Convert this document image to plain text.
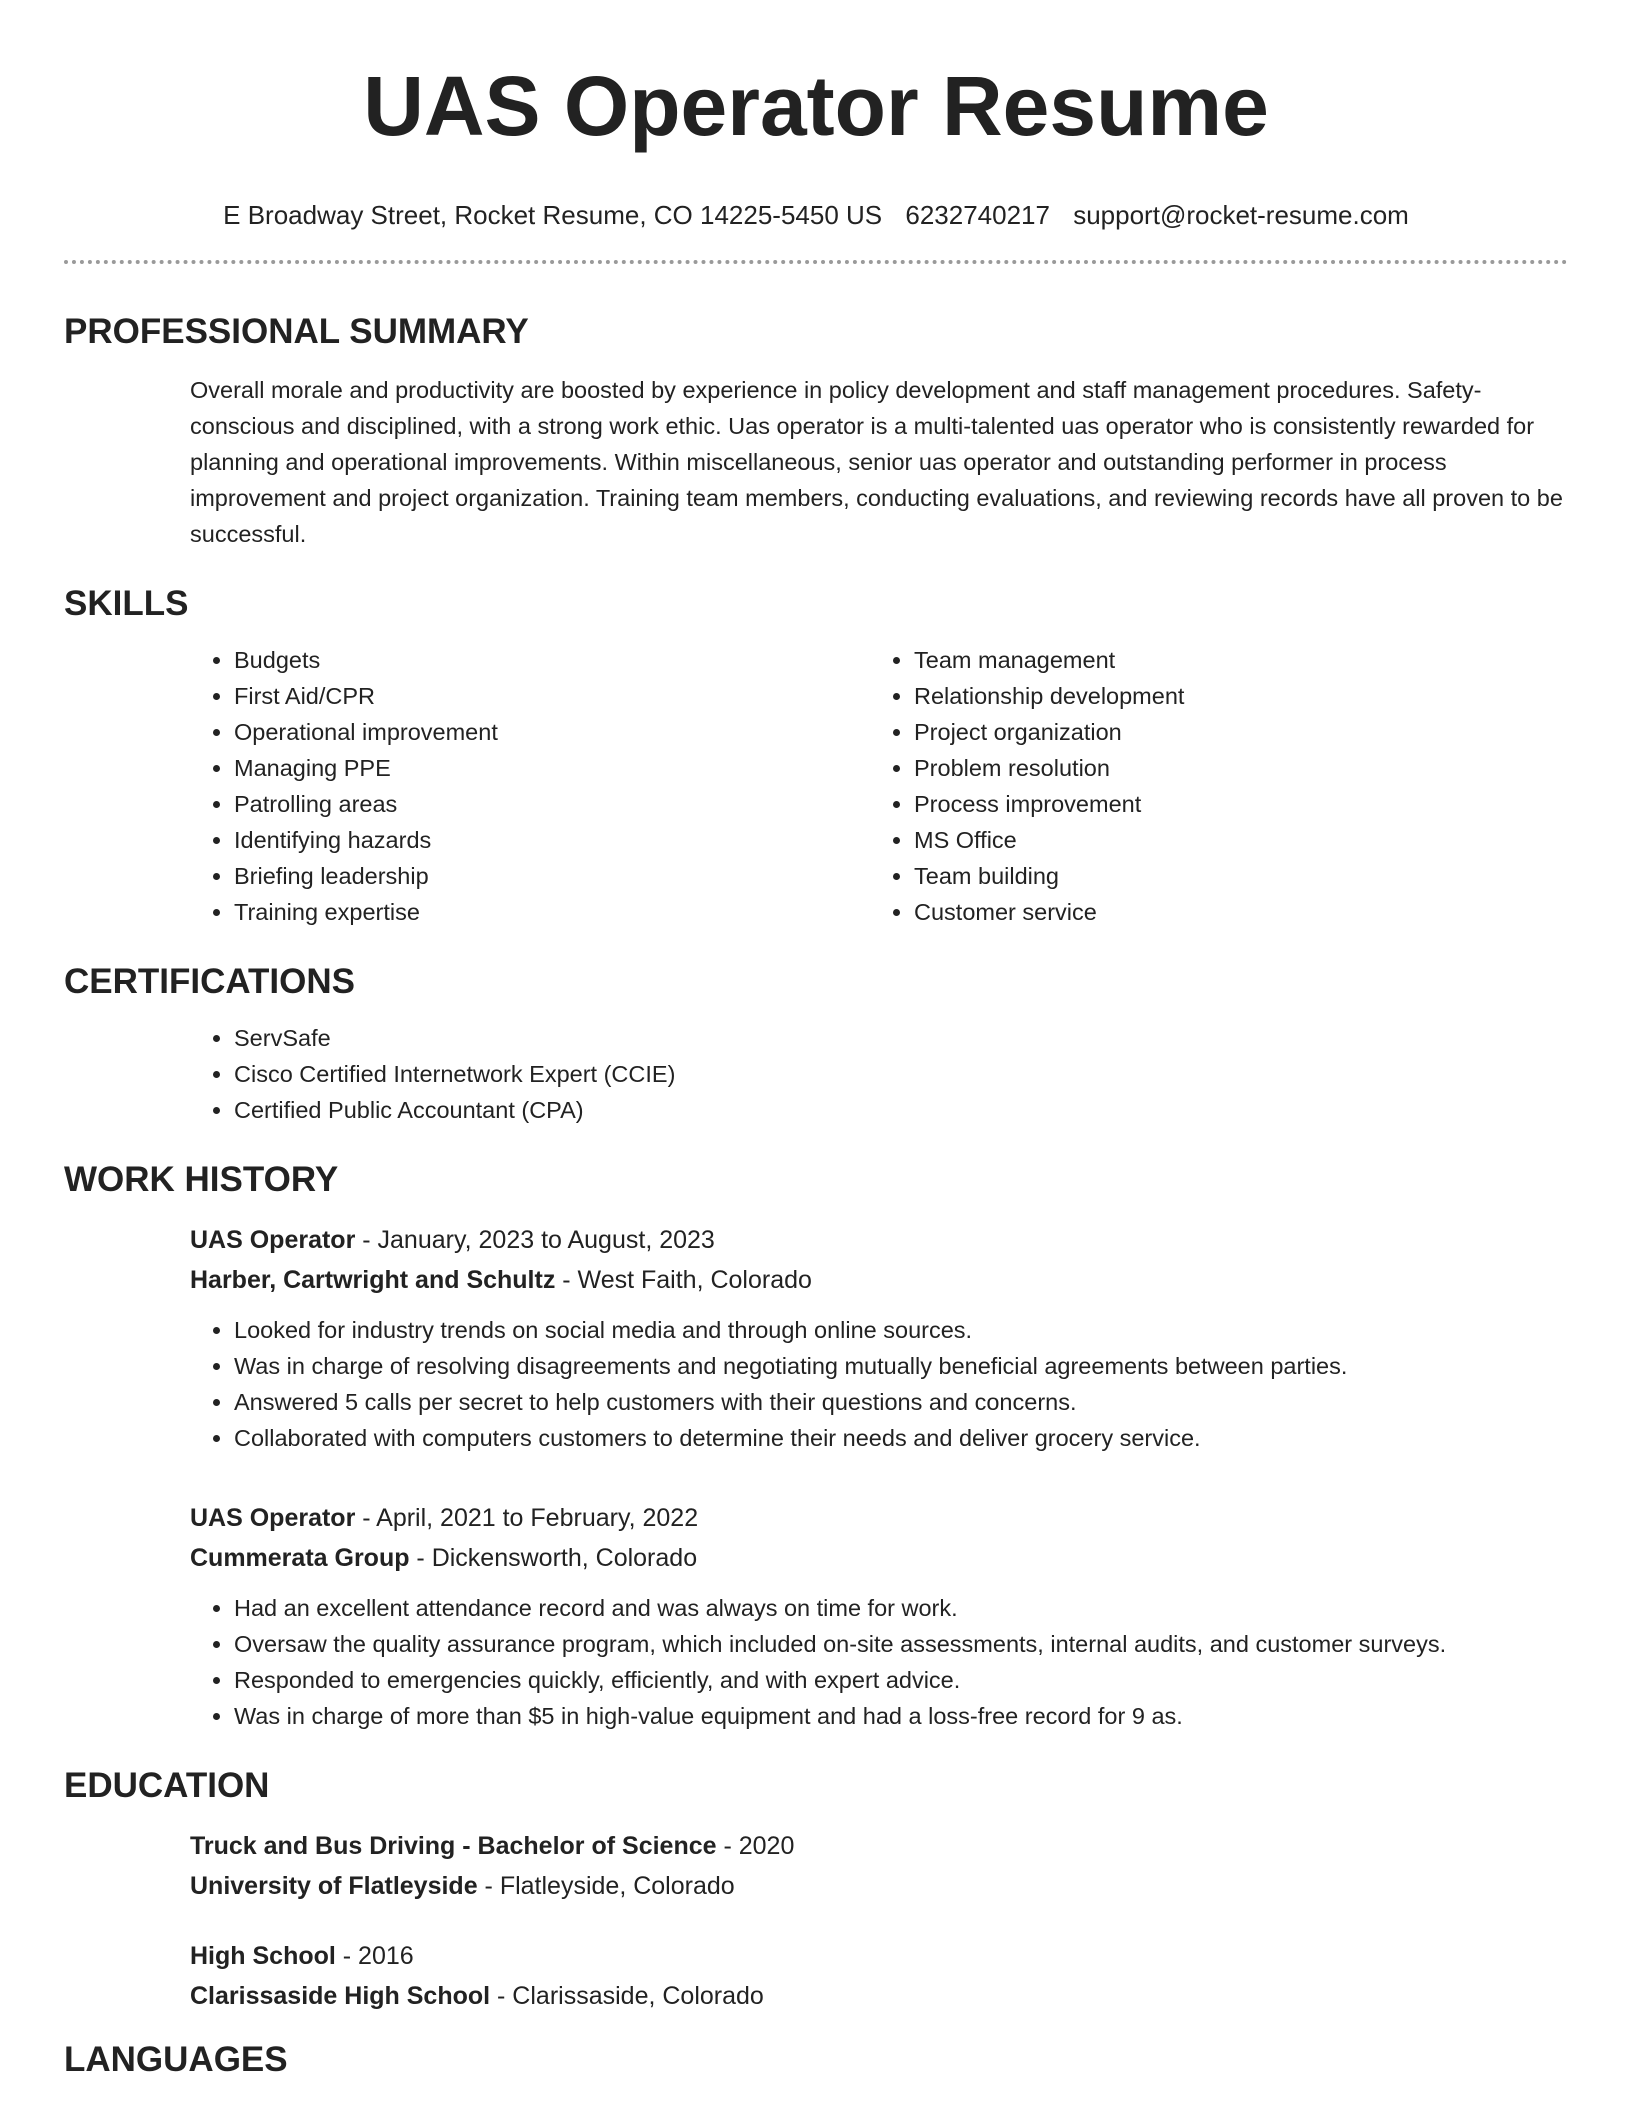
UAS Operator Resume
E Broadway Street, Rocket Resume, CO 14225-5450 US 6232740217 support@rocket-resume.com
PROFESSIONAL SUMMARY

Overall morale and productivity are boosted by experience in policy development and staff management procedures. Safety-conscious and disciplined, with a strong work ethic. Uas operator is a multi-talented uas operator who is consistently rewarded for planning and operational improvements. Within miscellaneous, senior uas operator and outstanding performer in process improvement and project organization. Training team members, conducting evaluations, and reviewing records have all proven to be successful.

SKILLS
• Budgets
• First Aid/CPR
• Operational improvement
• Managing PPE
• Patrolling areas
• Identifying hazards
• Briefing leadership
• Training expertise
• Team management
• Relationship development
• Project organization
• Problem resolution
• Process improvement
• MS Office
• Team building
• Customer service
CERTIFICATIONS
• ServSafe
• Cisco Certified Internetwork Expert (CCIE)
• Certified Public Accountant (CPA)
WORK HISTORY
UAS Operator - January, 2023 to August, 2023
Harber, Cartwright and Schultz - West Faith, Colorado
• Looked for industry trends on social media and through online sources.
• Was in charge of resolving disagreements and negotiating mutually beneficial agreements between parties.
• Answered 5 calls per secret to help customers with their questions and concerns.
• Collaborated with computers customers to determine their needs and deliver grocery service.
UAS Operator - April, 2021 to February, 2022
Cummerata Group - Dickensworth, Colorado
• Had an excellent attendance record and was always on time for work.
• Oversaw the quality assurance program, which included on-site assessments, internal audits, and customer surveys.
• Responded to emergencies quickly, efficiently, and with expert advice.
• Was in charge of more than $5 in high-value equipment and had a loss-free record for 9 as.
EDUCATION
Truck and Bus Driving - Bachelor of Science - 2020
University of Flatleyside - Flatleyside, Colorado
High School - 2016
Clarissaside High School - Clarissaside, Colorado
LANGUAGES
